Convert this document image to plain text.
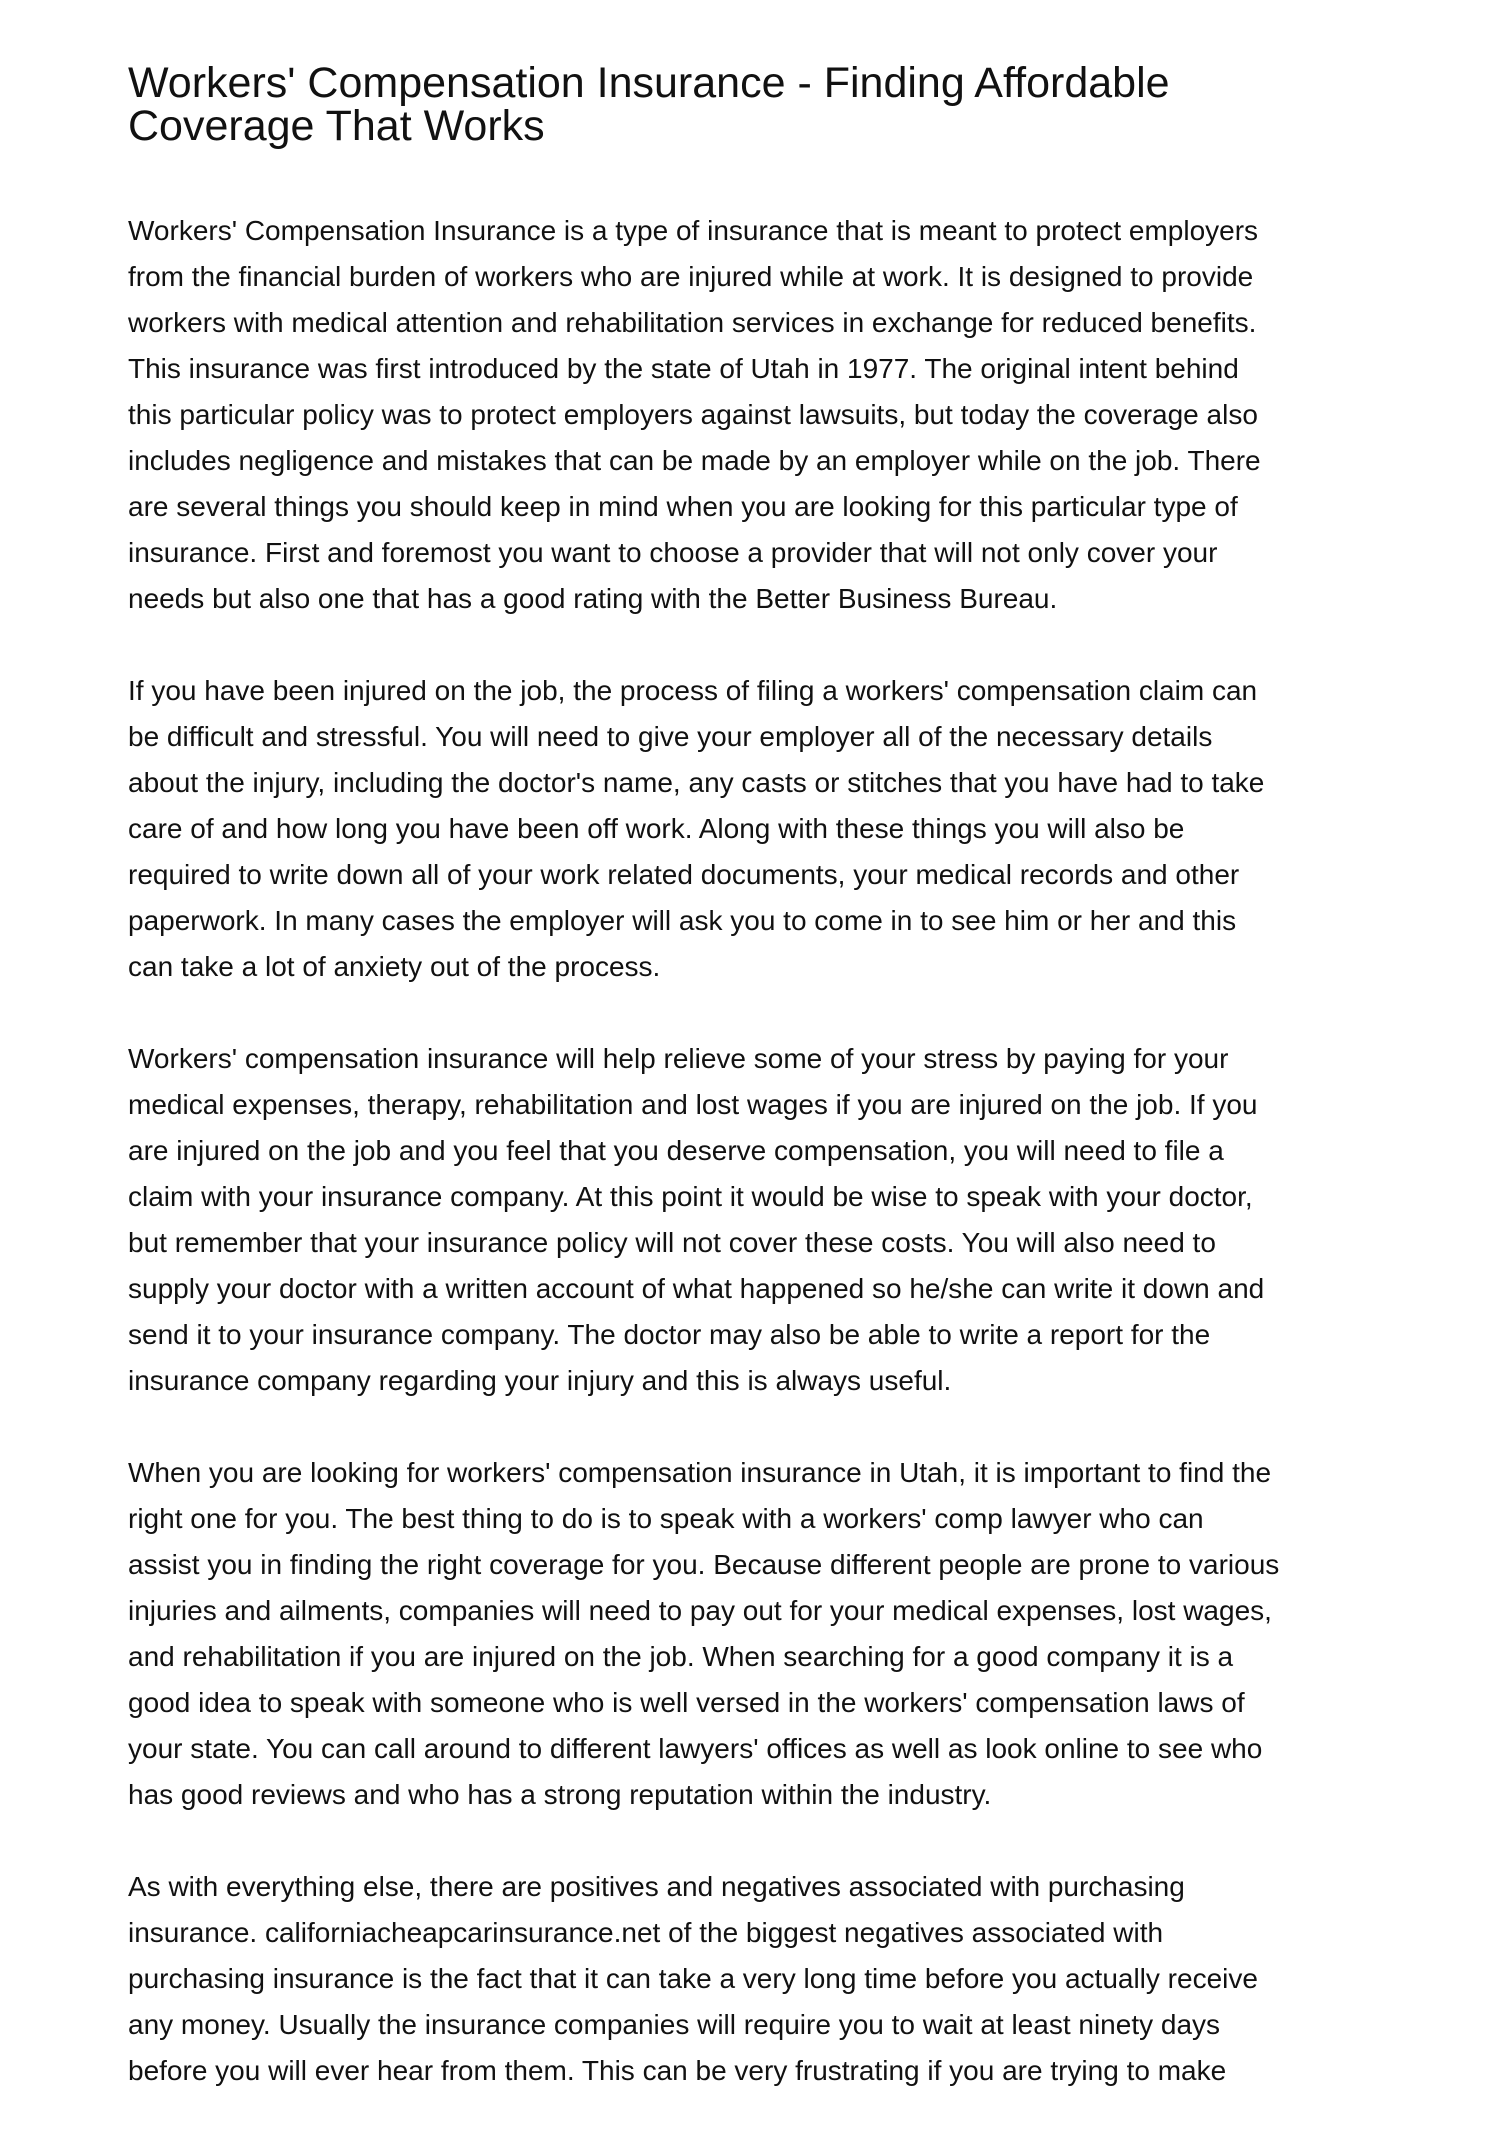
Workers' Compensation Insurance - Finding Affordable
Coverage That Works

Workers' Compensation Insurance is a type of insurance that is meant to protect employers
from the financial burden of workers who are injured while at work. It is designed to provide
workers with medical attention and rehabilitation services in exchange for reduced benefits.
This insurance was first introduced by the state of Utah in 1977. The original intent behind
this particular policy was to protect employers against lawsuits, but today the coverage also
includes negligence and mistakes that can be made by an employer while on the job. There
are several things you should keep in mind when you are looking for this particular type of
insurance. First and foremost you want to choose a provider that will not only cover your
needs but also one that has a good rating with the Better Business Bureau.

If you have been injured on the job, the process of filing a workers' compensation claim can
be difficult and stressful. You will need to give your employer all of the necessary details
about the injury, including the doctor's name, any casts or stitches that you have had to take
care of and how long you have been off work. Along with these things you will also be
required to write down all of your work related documents, your medical records and other
paperwork. In many cases the employer will ask you to come in to see him or her and this
can take a lot of anxiety out of the process.

Workers' compensation insurance will help relieve some of your stress by paying for your
medical expenses, therapy, rehabilitation and lost wages if you are injured on the job. If you
are injured on the job and you feel that you deserve compensation, you will need to file a
claim with your insurance company. At this point it would be wise to speak with your doctor,
but remember that your insurance policy will not cover these costs. You will also need to
supply your doctor with a written account of what happened so he/she can write it down and
send it to your insurance company. The doctor may also be able to write a report for the
insurance company regarding your injury and this is always useful.

When you are looking for workers' compensation insurance in Utah, it is important to find the
right one for you. The best thing to do is to speak with a workers' comp lawyer who can
assist you in finding the right coverage for you. Because different people are prone to various
injuries and ailments, companies will need to pay out for your medical expenses, lost wages,
and rehabilitation if you are injured on the job. When searching for a good company it is a
good idea to speak with someone who is well versed in the workers' compensation laws of
your state. You can call around to different lawyers' offices as well as look online to see who
has good reviews and who has a strong reputation within the industry.

As with everything else, there are positives and negatives associated with purchasing
insurance. californiacheapcarinsurance.net of the biggest negatives associated with
purchasing insurance is the fact that it can take a very long time before you actually receive
any money. Usually the insurance companies will require you to wait at least ninety days
before you will ever hear from them. This can be very frustrating if you are trying to make
